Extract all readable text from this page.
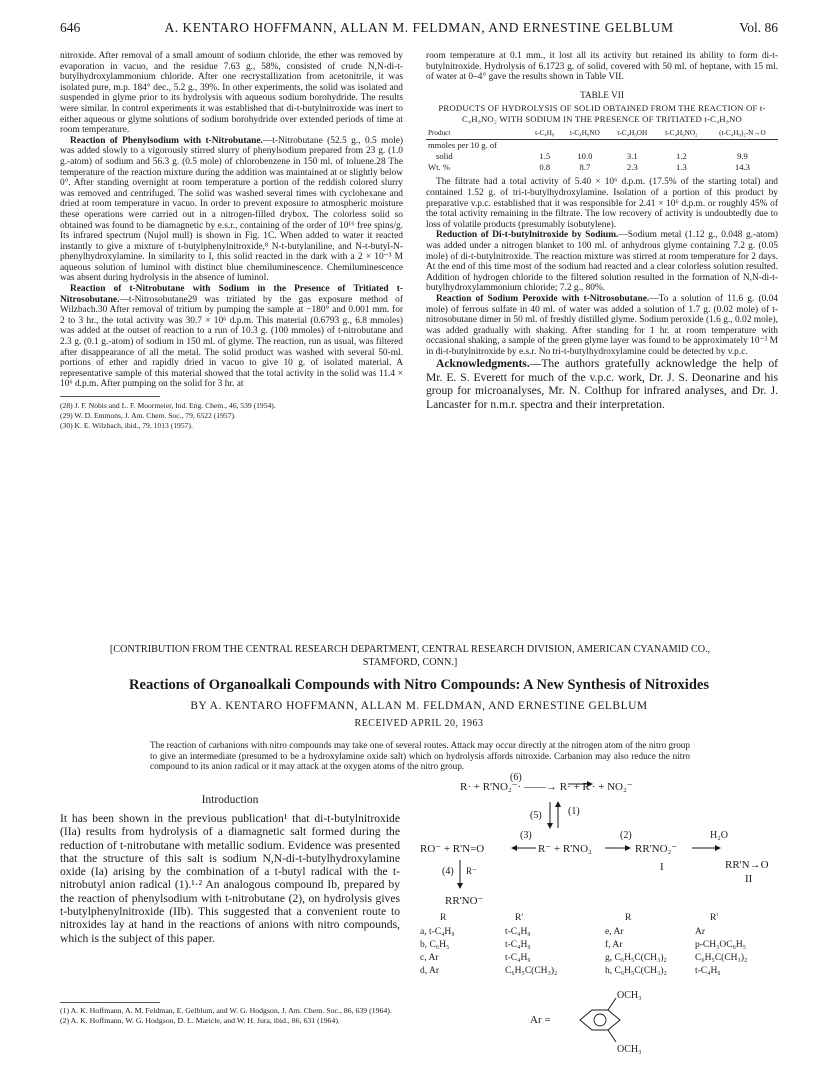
646	A. KENTARO HOFFMANN, ALLAN M. FELDMAN, AND ERNESTINE GELBLUM	Vol. 86

nitroxide. After removal of a small amount of sodium chloride, the ether was removed by evaporation in vacuo, and the residue 7.63 g., 58%, consisted of crude N,N-di-t-butylhydroxylammonium chloride. After one recrystallization from acetonitrile, it was isolated pure, m.p. 184° dec., 5.2 g., 39%. In other experiments, the solid was isolated and suspended in glyme prior to its hydrolysis with aqueous sodium borohydride. The results were similar. In control experiments it was established that di-t-butylnitroxide was inert to either aqueous or glyme solutions of sodium borohydride over extended periods of time at room temperature.

Reaction of Phenylsodium with t-Nitrobutane.—t-Nitrobutane (52.5 g., 0.5 mole) was added slowly to a vigorously stirred slurry of phenylsodium prepared from 23 g. (1.0 g.-atom) of sodium and 56.3 g. (0.5 mole) of chlorobenzene in 150 ml. of toluene.28 The temperature of the reaction mixture during the addition was maintained at or slightly below 0°. After standing overnight at room temperature a portion of the reddish colored slurry was removed and centrifuged. The solid was washed several times with cyclohexane and dried at room temperature in vacuo. In order to prevent exposure to atmospheric moisture these operations were carried out in a nitrogen-filled drybox. The colorless solid so obtained was found to be diamagnetic by e.s.r., containing of the order of 10¹⁶ free spins/g. Its infrared spectrum (Nujol mull) is shown in Fig. 1C. When added to water it reacted instantly to give a mixture of t-butylphenylnitroxide,⁸ N-t-butylaniline, and N-t-butyl-N-phenylhydroxylamine. In similarity to I, this solid reacted in the dark with a 2 × 10⁻³ M aqueous solution of luminol with distinct blue chemiluminescence. Chemiluminescence was absent during hydrolysis in the absence of luminol.

Reaction of t-Nitrobutane with Sodium in the Presence of Tritiated t-Nitrosobutane.—t-Nitrosobutane29 was tritiated by the gas exposure method of Wilzbach.30 After removal of tritium by pumping the sample at −180° and 0.001 mm. for 2 to 3 hr., the total activity was 30.7 × 10⁶ d.p.m. This material (0.6793 g., 6.8 mmoles) was added at the outset of reaction to a run of 10.3 g. (100 mmoles) of t-nitrobutane and 2.3 g. (0.1 g.-atom) of sodium in 150 ml. of glyme. The reaction, run as usual, was filtered after disappearance of all the metal. The solid product was washed with several 50-ml. portions of ether and rapidly dried in vacuo to give 10 g. of isolated material. A representative sample of this material showed that the total activity in the solid was 11.4 × 10⁶ d.p.m. After pumping on the solid for 3 hr. at

(28) J. F. Nobis and L. F. Moormeier, Ind. Eng. Chem., 46, 539 (1954).
(29) W. D. Emmons, J. Am. Chem. Soc., 79, 6522 (1957).
(30) K. E. Wilzbach, ibid., 79, 1013 (1957).

room temperature at 0.1 mm., it lost all its activity but retained its ability to form di-t-butylnitroxide. Hydrolysis of 6.1723 g. of solid, covered with 50 ml. of heptane, with 15 ml. of water at 0–4° gave the results shown in Table VII.

TABLE VII
PRODUCTS OF HYDROLYSIS OF SOLID OBTAINED FROM THE REACTION OF t-C₄H₉NO₂ WITH SODIUM IN THE PRESENCE OF TRITIATED t-C₄H₉NO
Product	t-C₄H₈	t-C₄H₉NO	t-C₄H₉OH	t-C₄H₉NO₂	(t-C₄H₉)₂-N→O
mmoles per 10 g. of					
solid	1.5	10.0	3.1	1.2	9.9
Wt. %	0.8	8.7	2.3	1.3	14.3

The filtrate had a total activity of 5.40 × 10⁶ d.p.m. (17.5% of the starting total) and contained 1.52 g. of tri-t-butylhydroxylamine. Isolation of a portion of this product by preparative v.p.c. established that it was responsible for 2.41 × 10⁶ d.p.m. or roughly 45% of the total activity remaining in the filtrate. The low recovery of activity is undoubtedly due to loss of volatile products (presumably isobutylene).

Reduction of Di-t-butylnitroxide by Sodium.—Sodium metal (1.12 g., 0.048 g.-atom) was added under a nitrogen blanket to 100 ml. of anhydrous glyme containing 7.2 g. (0.05 mole) of di-t-butylnitroxide. The reaction mixture was stirred at room temperature for 2 days. At the end of this time most of the sodium had reacted and a clear colorless solution resulted. Addition of hydrogen chloride to the filtered solution resulted in the formation of N,N-di-t-butylhydroxylammonium chloride; 7.2 g., 80%.

Reaction of Sodium Peroxide with t-Nitrosobutane.—To a solution of 11.6 g. (0.04 mole) of ferrous sulfate in 40 ml. of water was added a solution of 1.7 g. (0.02 mole) of t-nitrosobutane dimer in 50 ml. of freshly distilled glyme. Sodium peroxide (1.6 g., 0.02 mole), was added gradually with shaking. After standing for 1 hr. at room temperature with occasional shaking, a sample of the green glyme layer was found to be approximately 10⁻³ M in di-t-butylnitroxide by e.s.r. No tri-t-butylhydroxylamine could be detected by v.p.c.

Acknowledgments.—The authors gratefully acknowledge the help of Mr. E. S. Everett for much of the v.p.c. work, Dr. J. S. Deonarine and his group for microanalyses, Mr. N. Colthup for infrared analyses, and Dr. J. Lancaster for n.m.r. spectra and their interpretation.

[CONTRIBUTION FROM THE CENTRAL RESEARCH DEPARTMENT, CENTRAL RESEARCH DIVISION, AMERICAN CYANAMID CO., STAMFORD, CONN.]
Reactions of Organoalkali Compounds with Nitro Compounds: A New Synthesis of Nitroxides
BY A. KENTARO HOFFMANN, ALLAN M. FELDMAN, AND ERNESTINE GELBLUM
RECEIVED APRIL 20, 1963
The reaction of carbanions with nitro compounds may take one of several routes. Attack may occur directly at the nitrogen atom of the nitro group to give an intermediate (presumed to be a hydroxylamine oxide salt) which on hydrolysis affords nitroxide. Carbanion may also reduce the nitro compound to its anion radical or it may attack at the oxygen atoms of the nitro group.
Introduction
It has been shown in the previous publication¹ that di-t-butylnitroxide (IIa) results from hydrolysis of a diamagnetic salt formed during the reduction of t-nitrobutane with metallic sodium. Evidence was presented that the structure of this salt is sodium N,N-di-t-butylhydroxylamine oxide (Ia) arising by the combination of a t-butyl radical with the t-nitrobutyl anion radical (1).¹·² An analogous compound Ib, prepared by the reaction of phenylsodium with t-nitrobutane (2), on hydrolysis gives t-butylphenylnitroxide (IIb). This suggested that a convenient route to nitroxides lay at hand in the reactions of anions with nitro compounds, which is the subject of this paper.
(1) A. K. Hoffmann, A. M. Feldman, E. Gelblum, and W. G. Hodgson, J. Am. Chem. Soc., 86, 639 (1964).
(2) A. K. Hoffmann, W. G. Hodgson, D. L. Maricle, and W. H. Jura, ibid., 86, 631 (1964).
(6)
R· + R'NO₂⁻· ——→ R· + R'· + NO₂⁻
(5)	(1)
(3)	(2)	H₂O
RO⁻ + R'N=O	R⁻ + R'NO₂	RR'NO₂⁻
I	RR'N→O
II
(4) R⁻
RR'NO⁻
R	R'	R	R'
a, t-C₄H₉	t-C₄H₉	e, Ar	Ar
b, C₆H₅	t-C₄H₉	f, Ar	p-CH₃OC₆H₅
c, Ar	t-C₄H₉	g, C₆H₅C(CH₃)₂	C₆H₅C(CH₃)₂
d, Ar	C₆H₅C(CH₃)₂	h, C₆H₅C(CH₃)₂	t-C₄H₉
Ar =
OCH₃
OCH₃
